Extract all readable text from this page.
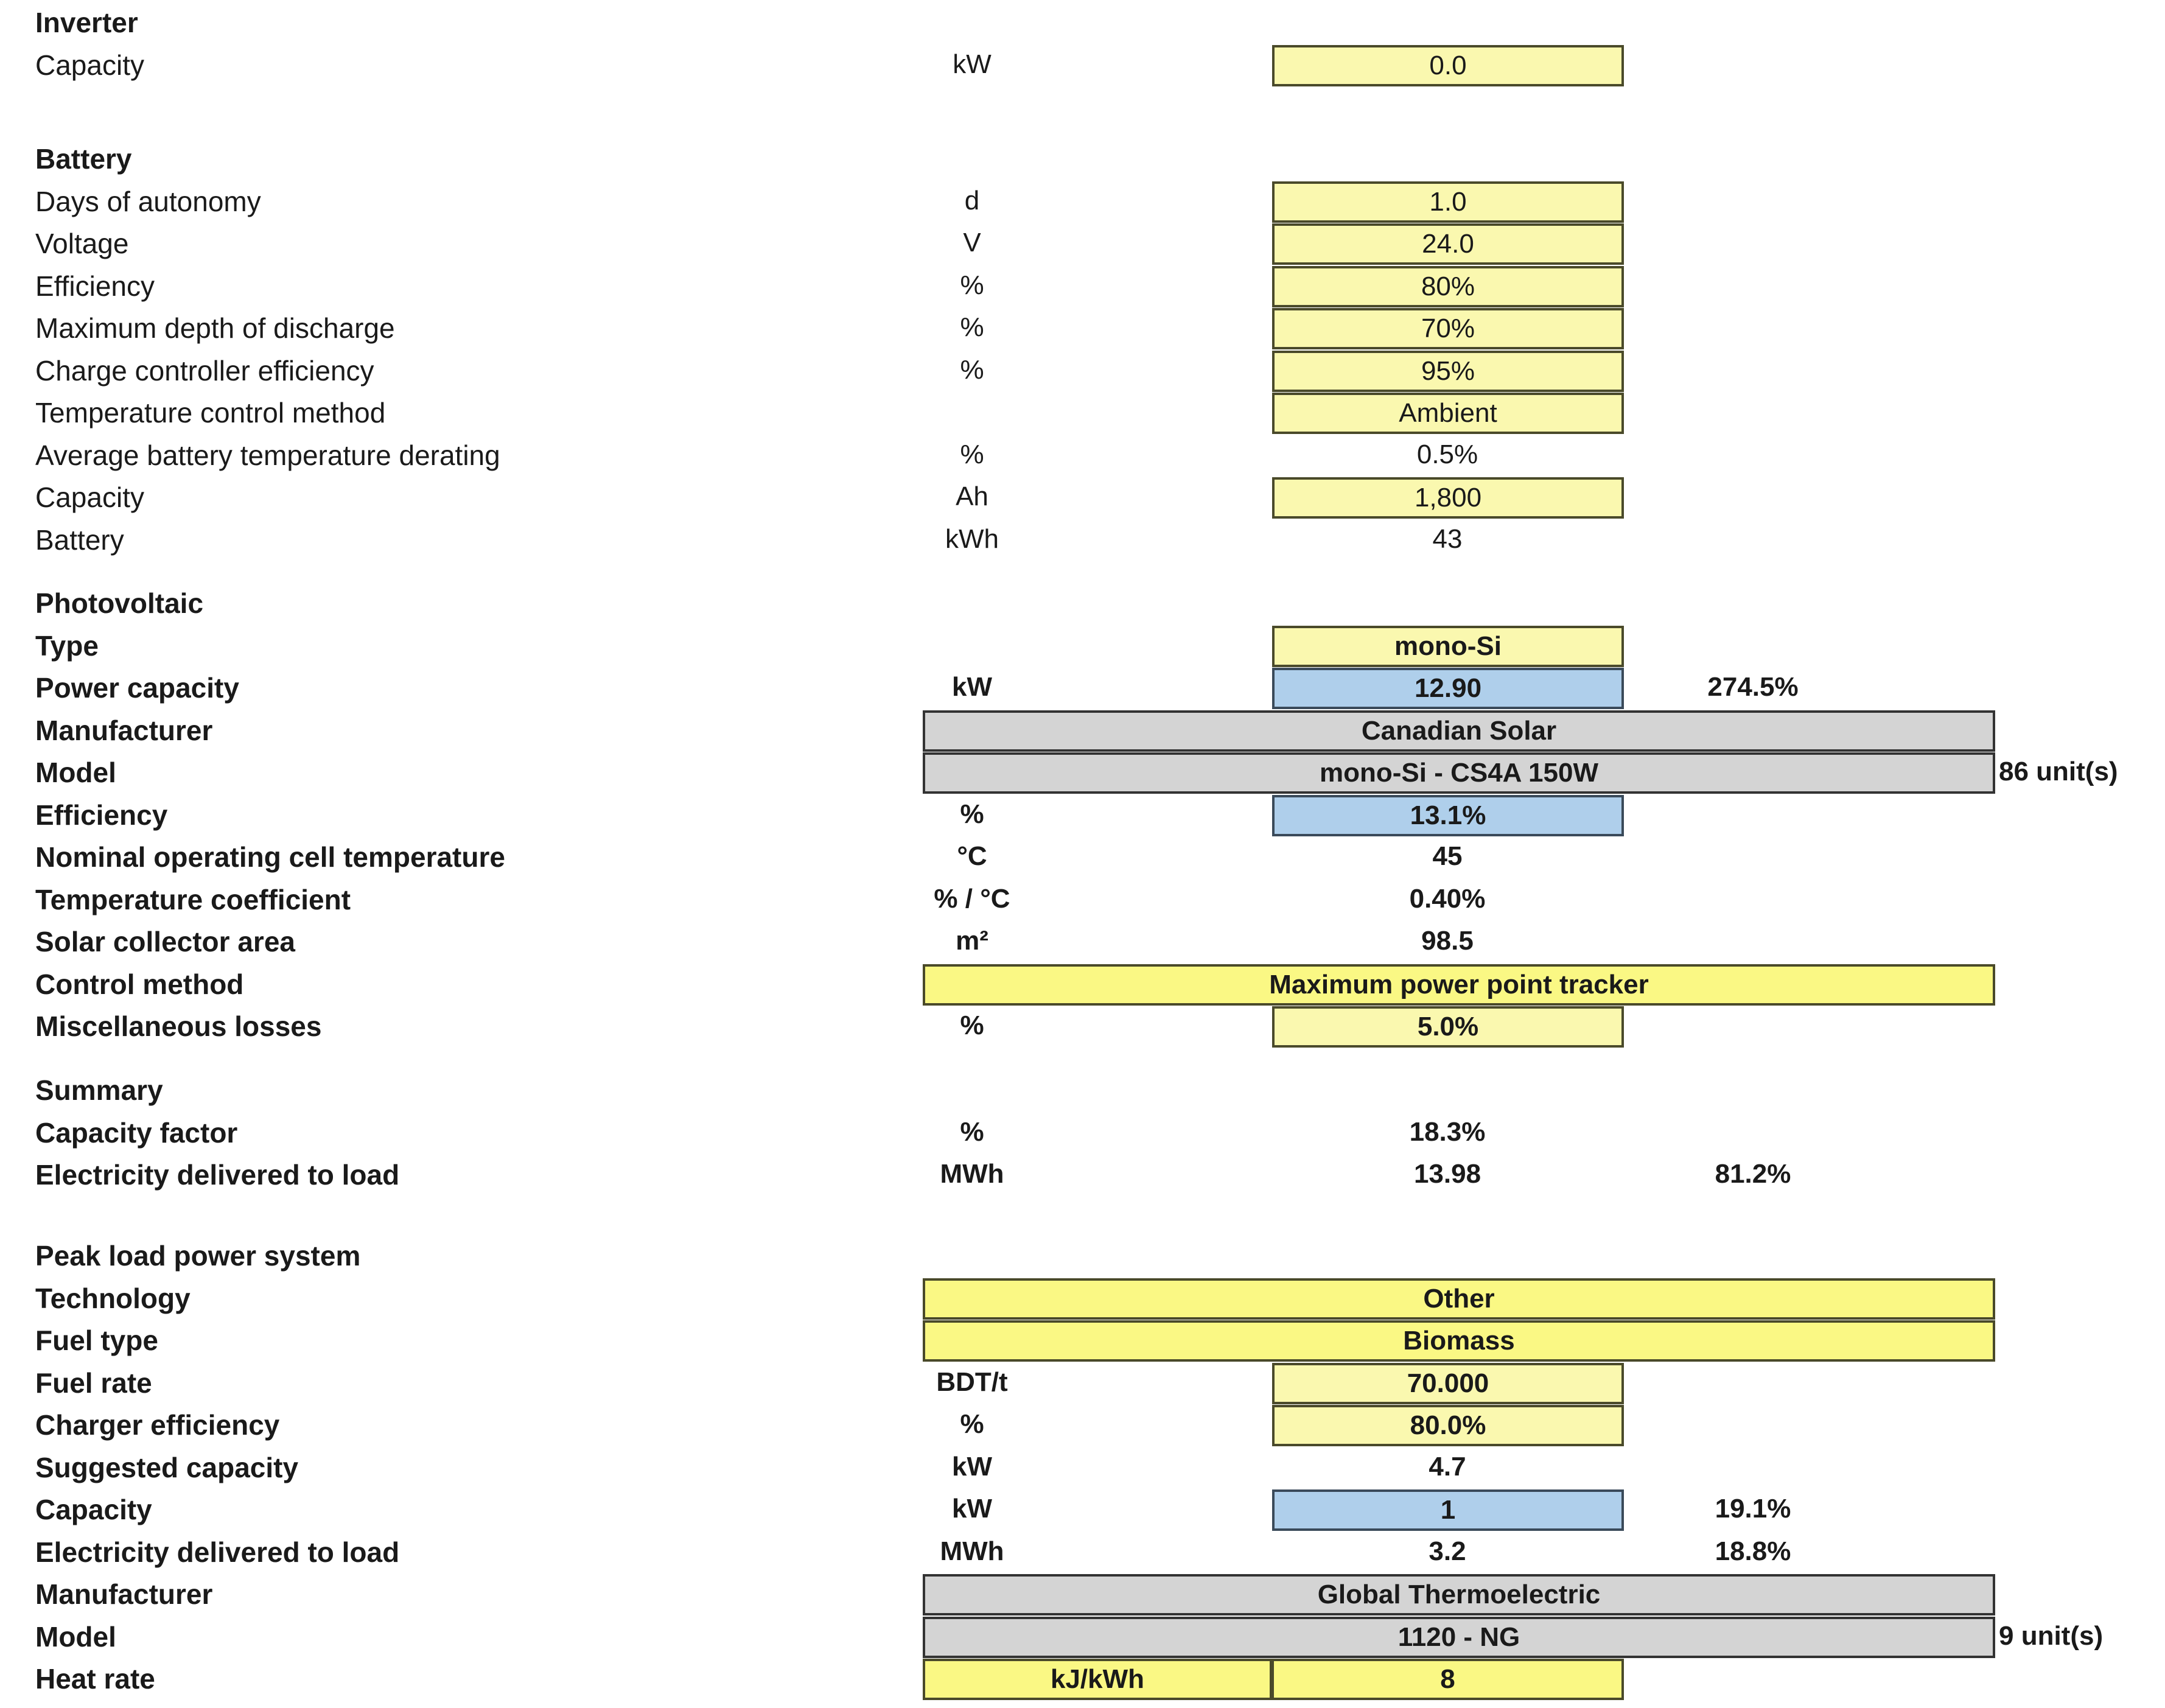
Inverter
Capacity	kW	0.0
Battery
Days of autonomy	d	1.0
Voltage	V	24.0
Efficiency	%	80%
Maximum depth of discharge	%	70%
Charge controller efficiency	%	95%
Temperature control method	Ambient
Average battery temperature derating	%	0.5%
Capacity	Ah	1,800
Battery	kWh	43
Photovoltaic
Type	mono-Si
Power capacity	kW	12.90	274.5%
Manufacturer	Canadian Solar
Model	mono-Si - CS4A 150W	86 unit(s)
Efficiency	%	13.1%
Nominal operating cell temperature	°C	45
Temperature coefficient	% / °C	0.40%
Solar collector area	m²	98.5
Control method	Maximum power point tracker
Miscellaneous losses	%	5.0%
Summary
Capacity factor	%	18.3%
Electricity delivered to load	MWh	13.98	81.2%
Peak load power system
Technology	Other
Fuel type	Biomass
Fuel rate	BDT/t	70.000
Charger efficiency	%	80.0%
Suggested capacity	kW	4.7
Capacity	kW	1	19.1%
Electricity delivered to load	MWh	3.2	18.8%
Manufacturer	Global Thermoelectric
Model	1120 - NG	9 unit(s)
Heat rate	kJ/kWh	8
